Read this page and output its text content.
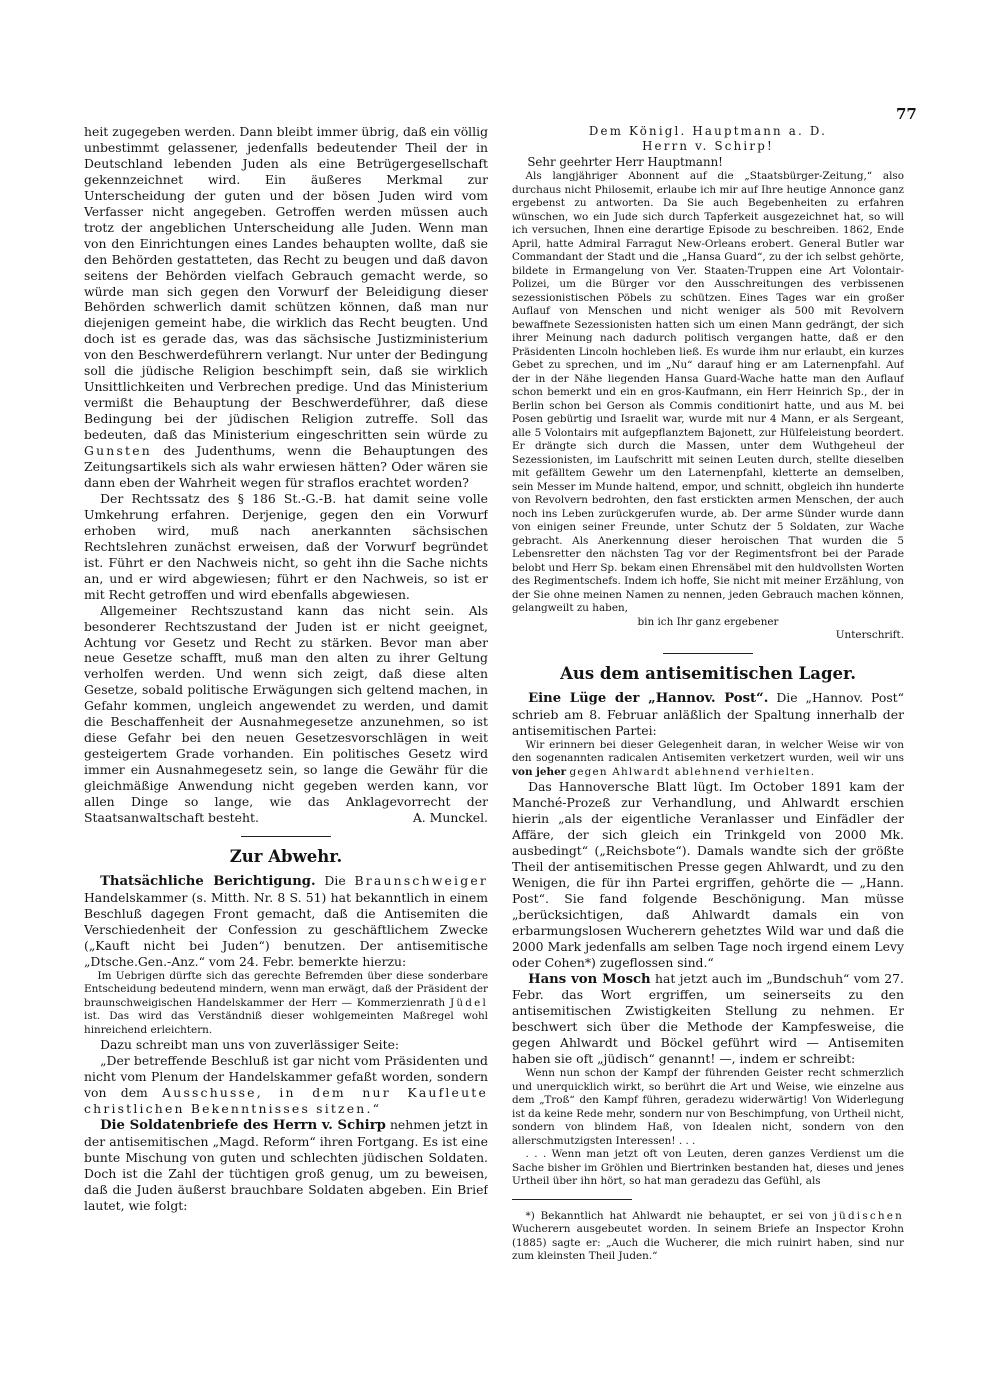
77

heit zugegeben werden. Dann bleibt immer übrig, daß ein völlig unbestimmt gelassener, jedenfalls bedeutender Theil der in Deutschland lebenden Juden als eine Betrügergesellschaft gekennzeichnet wird. Ein äußeres Merkmal zur Unterscheidung der guten und der bösen Juden wird vom Verfasser nicht angegeben. Getroffen werden müssen auch trotz der angeblichen Unterscheidung alle Juden. Wenn man von den Einrichtungen eines Landes behaupten wollte, daß sie den Behörden gestatteten, das Recht zu beugen und daß davon seitens der Behörden vielfach Gebrauch gemacht werde, so würde man sich gegen den Vorwurf der Beleidigung dieser Behörden schwerlich damit schützen können, daß man nur diejenigen gemeint habe, die wirklich das Recht beugten. Und doch ist es gerade das, was das sächsische Justizministerium von den Beschwerdeführern verlangt. Nur unter der Bedingung soll die jüdische Religion beschimpft sein, daß sie wirklich Unsittlichkeiten und Verbrechen predige. Und das Ministerium vermißt die Behauptung der Beschwerdeführer, daß diese Bedingung bei der jüdischen Religion zutreffe. Soll das bedeuten, daß das Ministerium eingeschritten sein würde zu Gunsten des Judenthums, wenn die Behauptungen des Zeitungsartikels sich als wahr erwiesen hätten? Oder wären sie dann eben der Wahrheit wegen für straflos erachtet worden?

Der Rechtssatz des § 186 St.-G.-B. hat damit seine volle Umkehrung erfahren. Derjenige, gegen den ein Vorwurf erhoben wird, muß nach anerkannten sächsischen Rechtslehren zunächst erweisen, daß der Vorwurf begründet ist. Führt er den Nachweis nicht, so geht ihn die Sache nichts an, und er wird abgewiesen; führt er den Nachweis, so ist er mit Recht getroffen und wird ebenfalls abgewiesen.

Allgemeiner Rechtszustand kann das nicht sein. Als besonderer Rechtszustand der Juden ist er nicht geeignet, Achtung vor Gesetz und Recht zu stärken. Bevor man aber neue Gesetze schafft, muß man den alten zu ihrer Geltung verholfen werden. Und wenn sich zeigt, daß diese alten Gesetze, sobald politische Erwägungen sich geltend machen, in Gefahr kommen, ungleich angewendet zu werden, und damit die Beschaffenheit der Ausnahmegesetze anzunehmen, so ist diese Gefahr bei den neuen Gesetzesvorschlägen in weit gesteigertem Grade vorhanden. Ein politisches Gesetz wird immer ein Ausnahmegesetz sein, so lange die Gewähr für die gleichmäßige Anwendung nicht gegeben werden kann, vor allen Dinge so lange, wie das Anklagevorrecht der Staatsanwaltschaft besteht.	A. Munckel.

Zur Abwehr.

Thatsächliche Berichtigung. Die Braunschweiger Handelskammer (s. Mitth. Nr. 8 S. 51) hat bekanntlich in einem Beschluß dagegen Front gemacht, daß die Antisemiten die Verschiedenheit der Confession zu geschäftlichem Zwecke („Kauft nicht bei Juden“) benutzen. Der antisemitische „Dtsche.Gen.-Anz.“ vom 24. Febr. bemerkte hierzu:

Im Uebrigen dürfte sich das gerechte Befremden über diese sonderbare Entscheidung bedeutend mindern, wenn man erwägt, daß der Präsident der braunschweigischen Handelskammer der Herr — Kommerzienrath Jüdel ist. Das wird das Verständniß dieser wohlgemeinten Maßregel wohl hinreichend erleichtern.

Dazu schreibt man uns von zuverlässiger Seite:

„Der betreffende Beschluß ist gar nicht vom Präsidenten und nicht vom Plenum der Handelskammer gefaßt worden, sondern von dem Ausschusse, in dem nur Kaufleute christlichen Bekenntnisses sitzen.“

Die Soldatenbriefe des Herrn v. Schirp nehmen jetzt in der antisemitischen „Magd. Reform“ ihren Fortgang. Es ist eine bunte Mischung von guten und schlechten jüdischen Soldaten. Doch ist die Zahl der tüchtigen groß genug, um zu beweisen, daß die Juden äußerst brauchbare Soldaten abgeben. Ein Brief lautet, wie folgt:

Dem Königl. Hauptmann a. D.

Herrn v. Schirp!

Sehr geehrter Herr Hauptmann!

Als langjähriger Abonnent auf die „Staatsbürger-Zeitung,“ also durchaus nicht Philosemit, erlaube ich mir auf Ihre heutige Annonce ganz ergebenst zu antworten. Da Sie auch Begebenheiten zu erfahren wünschen, wo ein Jude sich durch Tapferkeit ausgezeichnet hat, so will ich versuchen, Ihnen eine derartige Episode zu beschreiben. 1862, Ende April, hatte Admiral Farragut New-Orleans erobert. General Butler war Commandant der Stadt und die „Hansa Guard“, zu der ich selbst gehörte, bildete in Ermangelung von Ver. Staaten-Truppen eine Art Volontair-Polizei, um die Bürger vor den Ausschreitungen des verbissenen sezessionistischen Pöbels zu schützen. Eines Tages war ein großer Auflauf von Menschen und nicht weniger als 500 mit Revolvern bewaffnete Sezessionisten hatten sich um einen Mann gedrängt, der sich ihrer Meinung nach dadurch politisch vergangen hatte, daß er den Präsidenten Lincoln hochleben ließ. Es wurde ihm nur erlaubt, ein kurzes Gebet zu sprechen, und im „Nu“ darauf hing er am Laternenpfahl. Auf der in der Nähe liegenden Hansa Guard-Wache hatte man den Auflauf schon bemerkt und ein en gros-Kaufmann, ein Herr Heinrich Sp., der in Berlin schon bei Gerson als Commis conditionirt hatte, und aus M. bei Posen gebürtig und Israelit war, wurde mit nur 4 Mann, er als Sergeant, alle 5 Volontairs mit aufgepflanztem Bajonett, zur Hülfeleistung beordert. Er drängte sich durch die Massen, unter dem Wuthgeheul der Sezessionisten, im Laufschritt mit seinen Leuten durch, stellte dieselben mit gefälltem Gewehr um den Laternenpfahl, kletterte an demselben, sein Messer im Munde haltend, empor, und schnitt, obgleich ihn hunderte von Revolvern bedrohten, den fast erstickten armen Menschen, der auch noch ins Leben zurückgerufen wurde, ab. Der arme Sünder wurde dann von einigen seiner Freunde, unter Schutz der 5 Soldaten, zur Wache gebracht. Als Anerkennung dieser heroischen That wurden die 5 Lebensretter den nächsten Tag vor der Regimentsfront bei der Parade belobt und Herr Sp. bekam einen Ehrensäbel mit den huldvollsten Worten des Regimentschefs. Indem ich hoffe, Sie nicht mit meiner Erzählung, von der Sie ohne meinen Namen zu nennen, jeden Gebrauch machen können, gelangweilt zu haben,

bin ich Ihr ganz ergebener

Unterschrift.

Aus dem antisemitischen Lager.

Eine Lüge der „Hannov. Post“. Die „Hannov. Post“ schrieb am 8. Februar anläßlich der Spaltung innerhalb der antisemitischen Partei:

Wir erinnern bei dieser Gelegenheit daran, in welcher Weise wir von den sogenannten radicalen Antisemiten verketzert wurden, weil wir uns von jeher gegen Ahlwardt ablehnend verhielten.

Das Hannoversche Blatt lügt. Im October 1891 kam der Manché-Prozeß zur Verhandlung, und Ahlwardt erschien hierin „als der eigentliche Veranlasser und Einfädler der Affäre, der sich gleich ein Trinkgeld von 2000 Mk. ausbedingt“ („Reichsbote“). Damals wandte sich der größte Theil der antisemitischen Presse gegen Ahlwardt, und zu den Wenigen, die für ihn Partei ergriffen, gehörte die — „Hann. Post“. Sie fand folgende Beschönigung. Man müsse „berücksichtigen, daß Ahlwardt damals ein von erbarmungslosen Wucherern gehetztes Wild war und daß die 2000 Mark jedenfalls am selben Tage noch irgend einem Levy oder Cohen*) zugeflossen sind.“

Hans von Mosch hat jetzt auch im „Bundschuh“ vom 27. Febr. das Wort ergriffen, um seinerseits zu den antisemitischen Zwistigkeiten Stellung zu nehmen. Er beschwert sich über die Methode der Kampfesweise, die gegen Ahlwardt und Böckel geführt wird — Antisemiten haben sie oft „jüdisch“ genannt! —, indem er schreibt:

Wenn nun schon der Kampf der führenden Geister recht schmerzlich und unerquicklich wirkt, so berührt die Art und Weise, wie einzelne aus dem „Troß“ den Kampf führen, geradezu widerwärtig! Von Widerlegung ist da keine Rede mehr, sondern nur von Beschimpfung, von Urtheil nicht, sondern von blindem Haß, von Idealen nicht, sondern von den allerschmutzigsten Interessen! . . .

. . . Wenn man jetzt oft von Leuten, deren ganzes Verdienst um die Sache bisher im Gröhlen und Biertrinken bestanden hat, dieses und jenes Urtheil über ihn hört, so hat man geradezu das Gefühl, als

*) Bekanntlich hat Ahlwardt nie behauptet, er sei von jüdischen Wucherern ausgebeutet worden. In seinem Briefe an Inspector Krohn (1885) sagte er: „Auch die Wucherer, die mich ruinirt haben, sind nur zum kleinsten Theil Juden.“
